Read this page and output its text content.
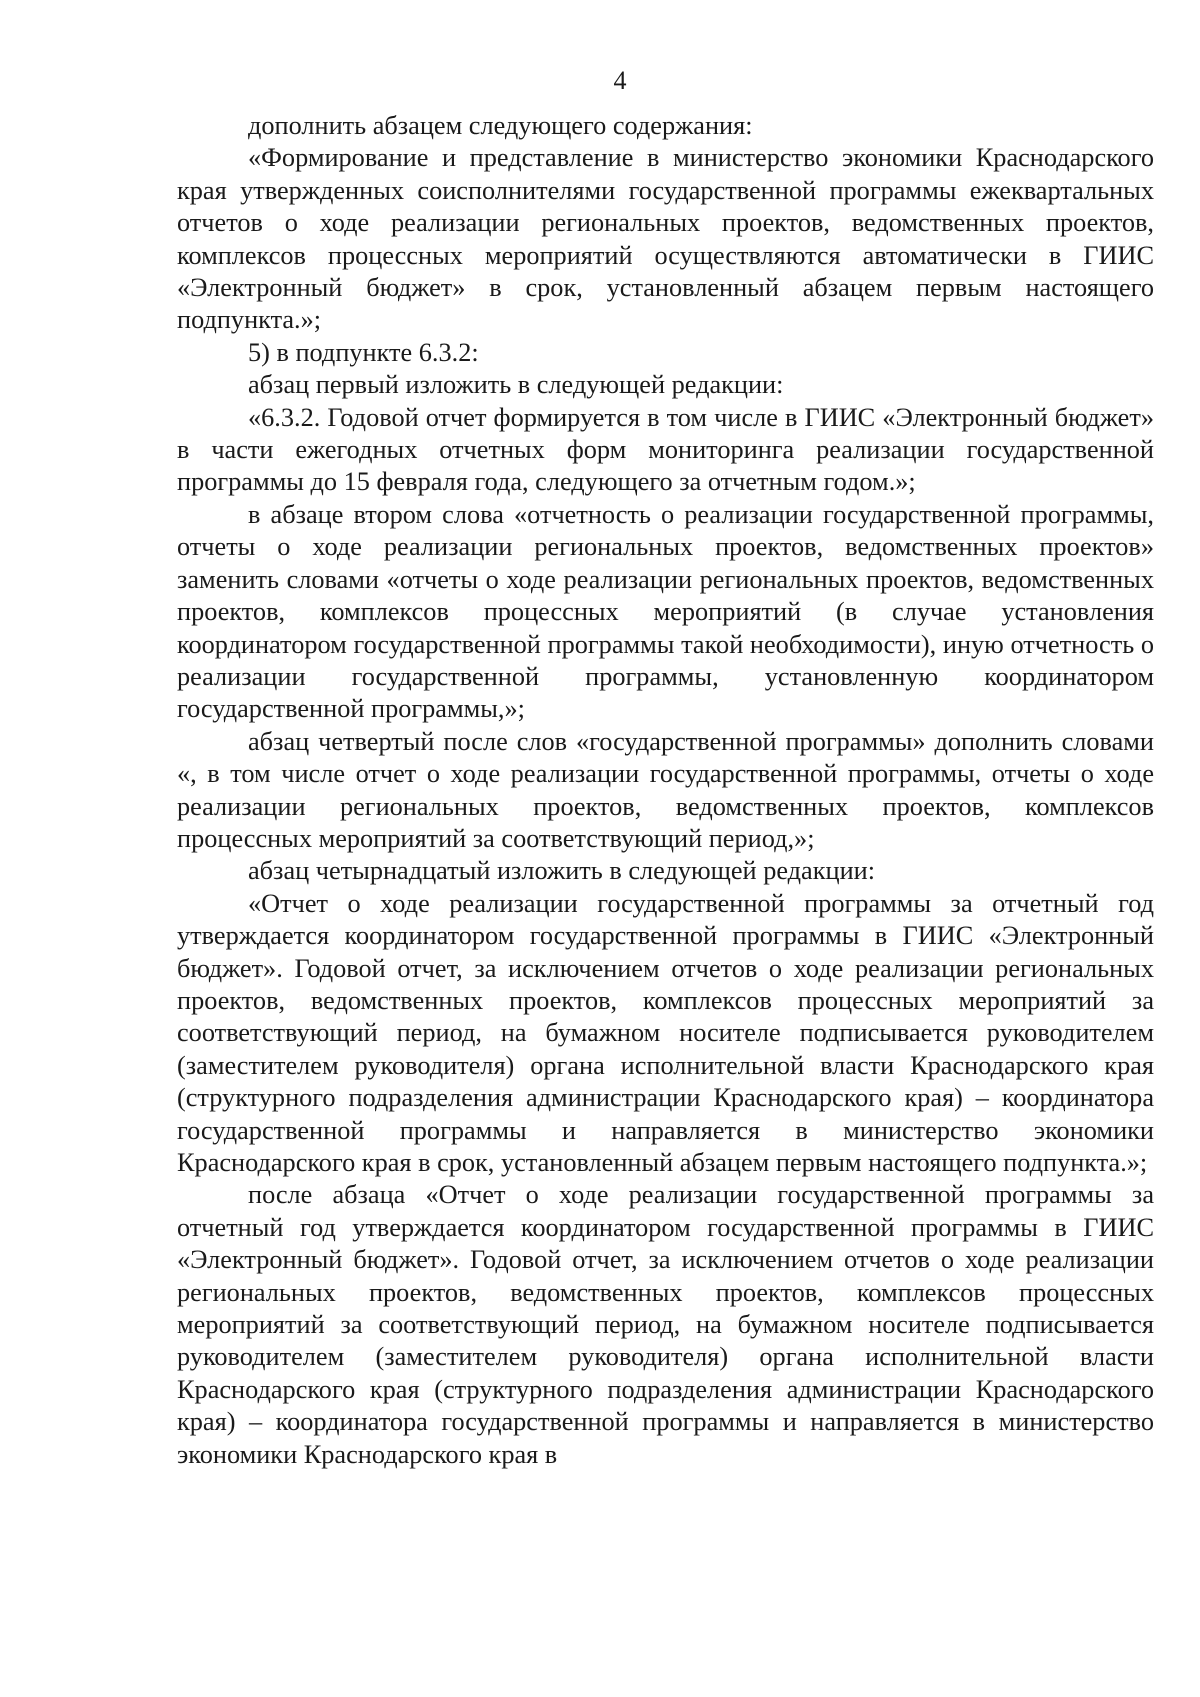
4

дополнить абзацем следующего содержания:

«Формирование и представление в министерство экономики Краснодарского края утвержденных соисполнителями государственной программы ежеквартальных отчетов о ходе реализации региональных проектов, ведомственных проектов, комплексов процессных мероприятий осуществляются автоматически в ГИИС «Электронный бюджет» в срок, установленный абзацем первым настоящего подпункта.»;

5) в подпункте 6.3.2:

абзац первый изложить в следующей редакции:

«6.3.2. Годовой отчет формируется в том числе в ГИИС «Электронный бюджет» в части ежегодных отчетных форм мониторинга реализации государственной программы до 15 февраля года, следующего за отчетным годом.»;

в абзаце втором слова «отчетность о реализации государственной программы, отчеты о ходе реализации региональных проектов, ведомственных проектов» заменить словами «отчеты о ходе реализации региональных проектов, ведомственных проектов, комплексов процессных мероприятий (в случае установления координатором государственной программы такой необходимости), иную отчетность о реализации государственной программы, установленную координатором государственной программы,»;

абзац четвертый после слов «государственной программы» дополнить словами «, в том числе отчет о ходе реализации государственной программы, отчеты о ходе реализации региональных проектов, ведомственных проектов, комплексов процессных мероприятий за соответствующий период,»;

абзац четырнадцатый изложить в следующей редакции:

«Отчет о ходе реализации государственной программы за отчетный год утверждается координатором государственной программы в ГИИС «Электронный бюджет». Годовой отчет, за исключением отчетов о ходе реализации региональных проектов, ведомственных проектов, комплексов процессных мероприятий за соответствующий период, на бумажном носителе подписывается руководителем (заместителем руководителя) органа исполнительной власти Краснодарского края (структурного подразделения администрации Краснодарского края) – координатора государственной программы и направляется в министерство экономики Краснодарского края в срок, установленный абзацем первым настоящего подпункта.»;

после абзаца «Отчет о ходе реализации государственной программы за отчетный год утверждается координатором государственной программы в ГИИС «Электронный бюджет». Годовой отчет, за исключением отчетов о ходе реализации региональных проектов, ведомственных проектов, комплексов процессных мероприятий за соответствующий период, на бумажном носителе подписывается руководителем (заместителем руководителя) органа исполнительной власти Краснодарского края (структурного подразделения администрации Краснодарского края) – координатора государственной программы и направляется в министерство экономики Краснодарского края в
